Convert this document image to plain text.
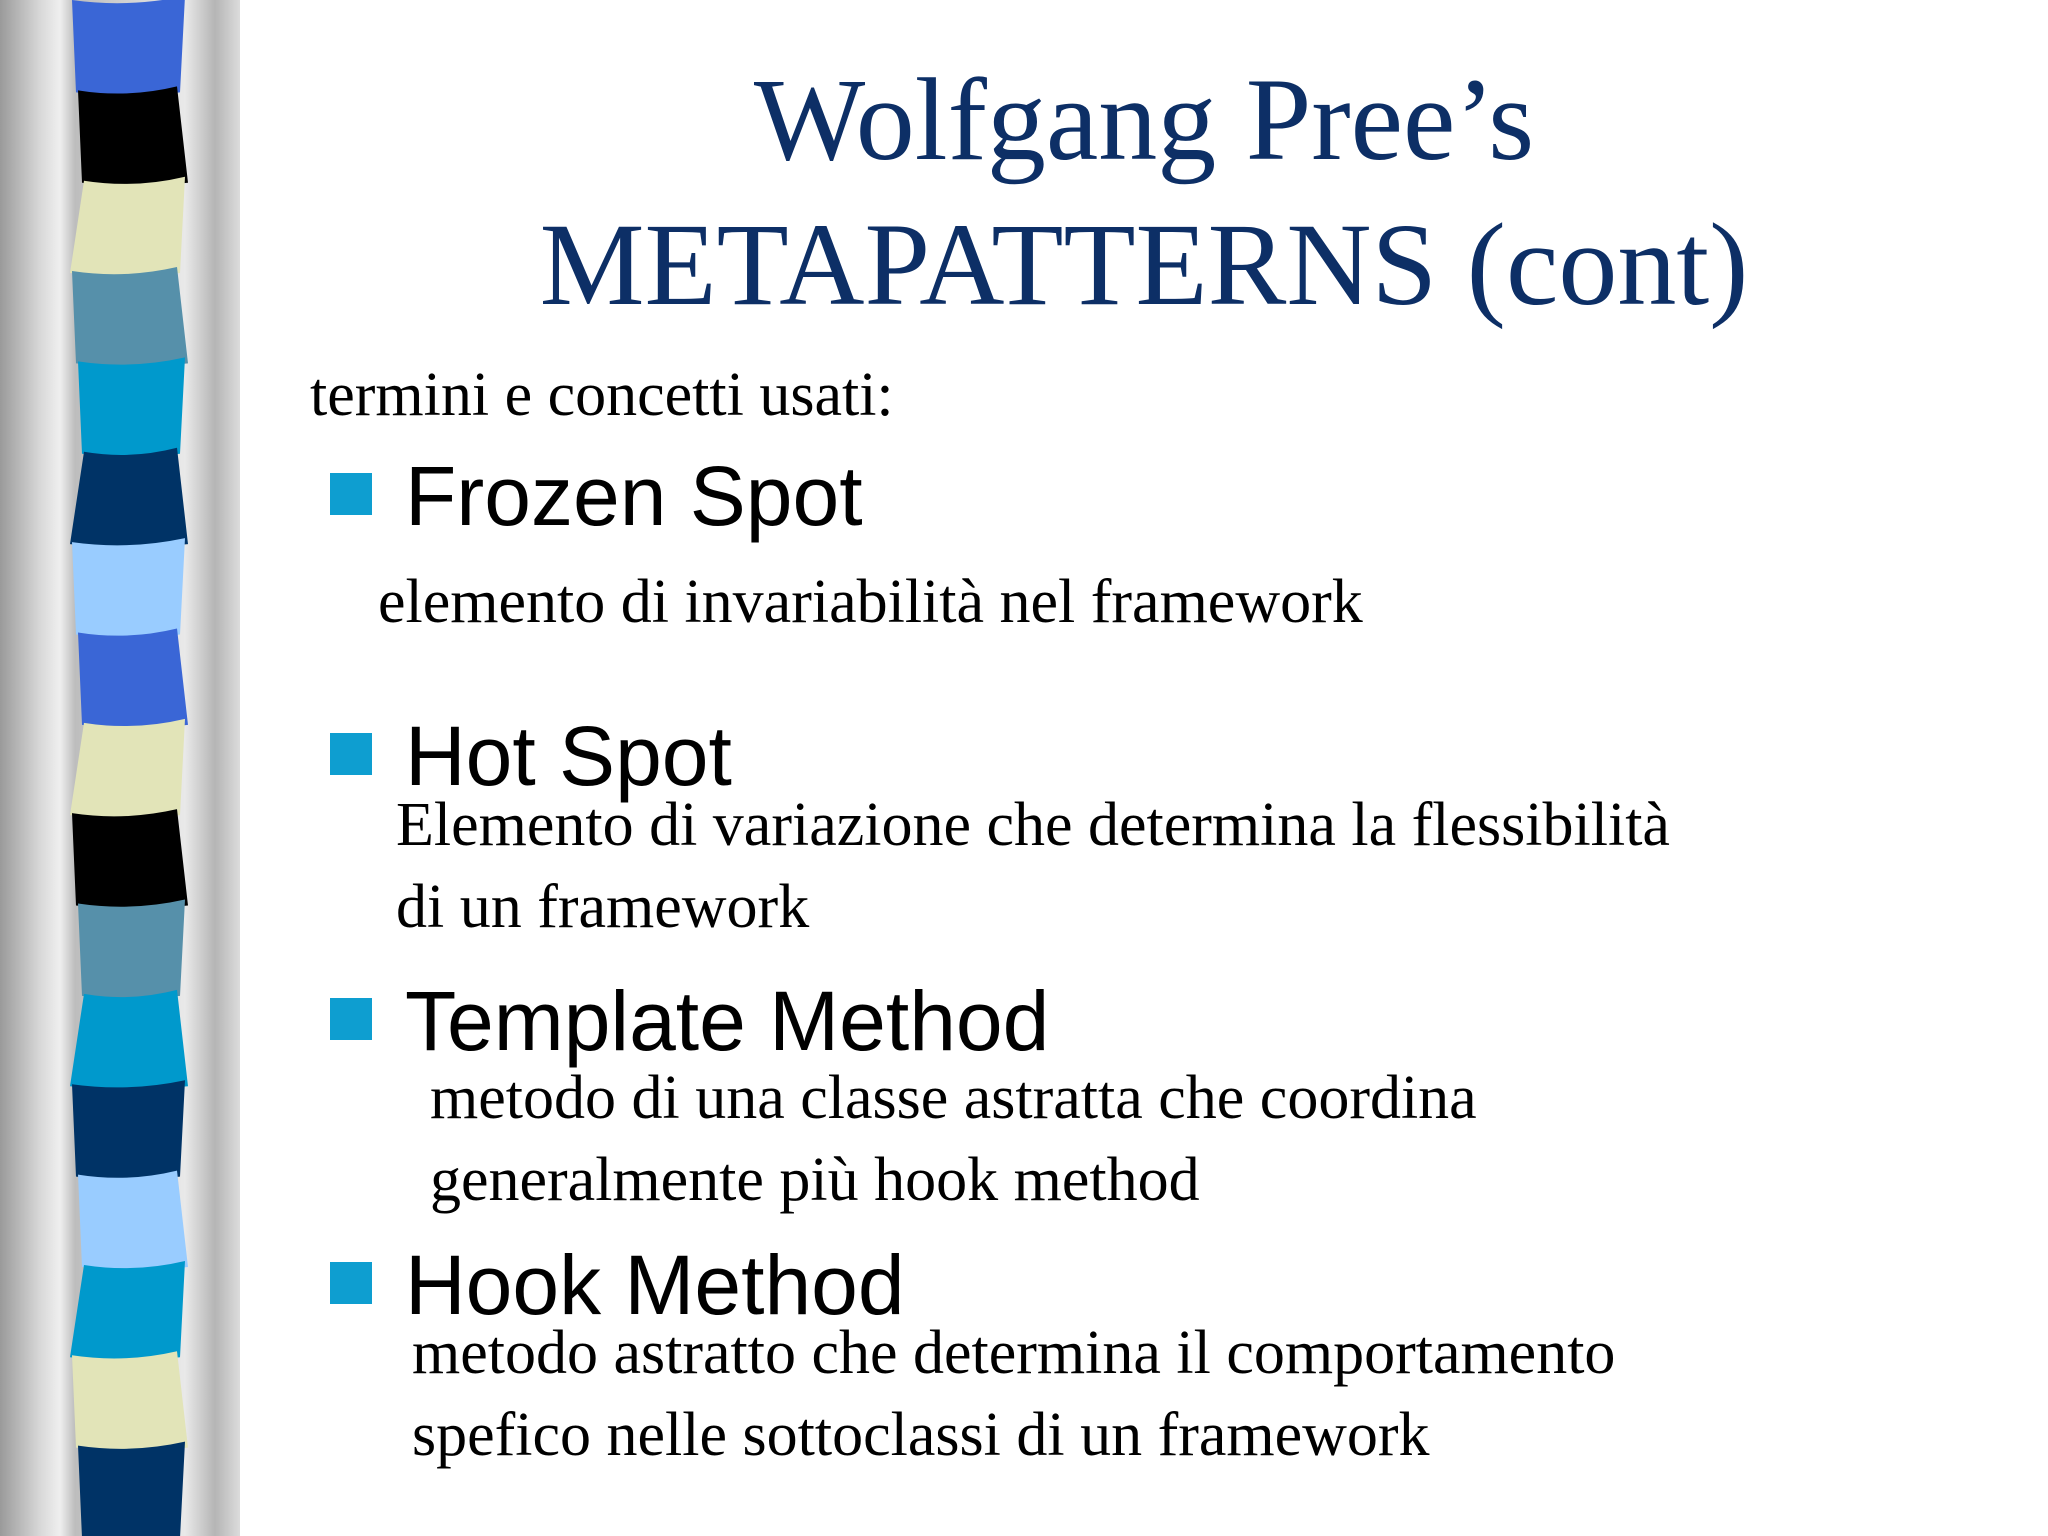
Wolfgang Pree’s
METAPATTERNS (cont)
termini e concetti usati:
Frozen Spot
elemento di invariabilità nel framework
Hot Spot
Elemento di variazione che determina la flessibilità
di un framework
Template Method
metodo di una classe astratta che coordina
generalmente più hook method
Hook Method
metodo astratto che determina il comportamento
spefico nelle sottoclassi di un framework
